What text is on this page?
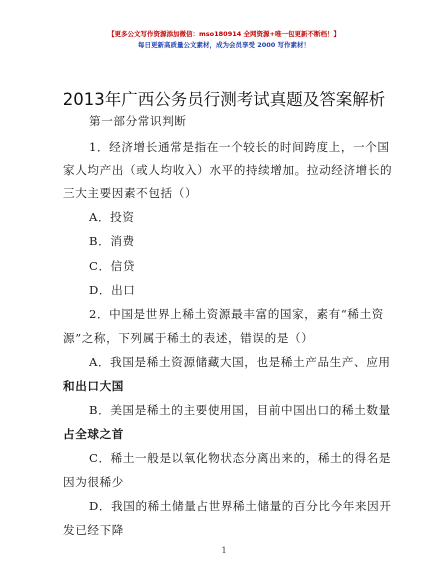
【更多公文写作资源添加微信：mso180914 全网资源+唯一包更新不断档！】
每日更新高质量公文素材，成为会员享受 2000 写作素材！
2013年广西公务员行测考试真题及答案解析
第一部分常识判断
1．经济增长通常是指在一个较长的时间跨度上，一个国
家人均产出（或人均收入）水平的持续增加。拉动经济增长的
三大主要因素不包括（）
A．投资
B．消费
C．信贷
D．出口
2．中国是世界上稀土资源最丰富的国家，素有“稀土资
源”之称，下列属于稀土的表述，错误的是（）
A．我国是稀土资源储藏大国，也是稀土产品生产、应用
和出口大国
B．美国是稀土的主要使用国，目前中国出口的稀土数量
占全球之首
C．稀土一般是以氧化物状态分离出来的，稀土的得名是
因为很稀少
D．我国的稀土储量占世界稀土储量的百分比今年来因开
发已经下降
1
